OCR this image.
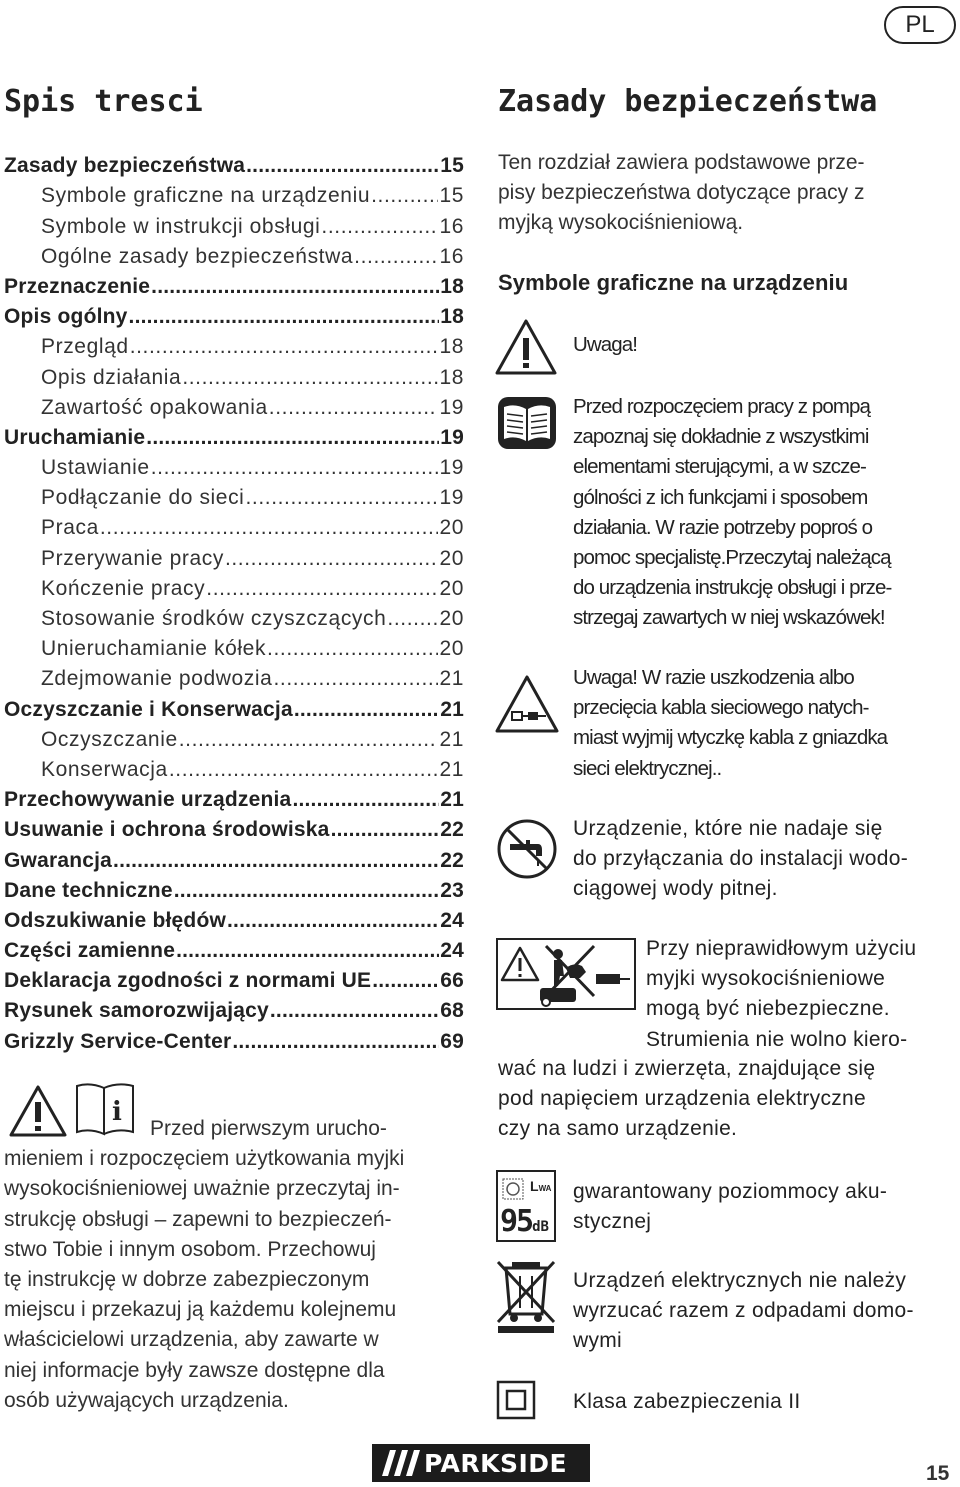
PL
Spis tresci	Zasady bezpieczeństwa
Zasady bezpieczeństwa .....	15
Symbole graficzne na urządzeniu .....	15
Symbole w instrukcji obsługi .....	16
Ogólne zasady bezpieczeństwa .....	16
Przeznaczenie .....	18
Opis ogólny .....	18
Przegląd .....	18
Opis działania .....	18
Zawartość opakowania .....	19
Uruchamianie .....	19
Ustawianie .....	19
Podłączanie do sieci .....	19
Praca .....	20
Przerywanie pracy .....	20
Kończenie pracy .....	20
Stosowanie środków czyszczących .....	20
Unieruchamianie kółek .....	20
Zdejmowanie podwozia .....	21
Oczyszczanie i Konserwacja .....	21
Oczyszczanie .....	21
Konserwacja .....	21
Przechowywanie urządzenia .....	21
Usuwanie i ochrona środowiska .....	22
Gwarancja .....	22
Dane techniczne .....	23
Odszukiwanie błędów .....	24
Części zamienne .....	24
Deklaracja zgodności z normami UE .....	66
Rysunek samorozwijający .....	68
Grizzly Service-Center .....	69
i
Przed pierwszym urucho-
mieniem i rozpoczęciem użytkowania myjki
wysokociśnieniowej uważnie przeczytaj in-
strukcję obsługi – zapewni to bezpieczeń-
stwo Tobie i innym osobom. Przechowuj
tę instrukcję w dobrze zabezpieczonym
miejscu i przekazuj ją każdemu kolejnemu
właścicielowi urządzenia, aby zawarte w
niej informacje były zawsze dostępne dla
osób używających urządzenia.
Ten rozdział zawiera podstawowe prze-
pisy bezpieczeństwa dotyczące pracy z
myjką wysokociśnieniową.
Symbole graficzne na urządzeniu
Uwaga!
Przed rozpoczęciem pracy z pompą
zapoznaj się dokładnie z wszystkimi
elementami sterującymi, a w szcze-
gólności z ich funkcjami i sposobem
działania. W razie potrzeby poproś o
pomoc specjalistę.Przeczytaj należącą
do urządzenia instrukcję obsługi i prze-
strzegaj zawartych w niej wskazówek!
Uwaga! W razie uszkodzenia albo
przecięcia kabla sieciowego natych-
miast wyjmij wtyczkę kabla z gniazdka
sieci elektrycznej..
Urządzenie, które nie nadaje się
do przyłączania do instalacji wodo-
ciągowej wody pitnej.
Przy nieprawidłowym użyciu
myjki wysokociśnieniowe
mogą być niebezpieczne.
Strumienia nie wolno kiero-
wać na ludzi i zwierzęta, znajdujące się
pod napięciem urządzenia elektryczne
czy na samo urządzenie.
LWA
95dB
gwarantowany poziommocy aku-
stycznej
Urządzeń elektrycznych nie należy
wyrzucać razem z odpadami domo-
wymi
Klasa zabezpieczenia II
PARKSIDE	15
